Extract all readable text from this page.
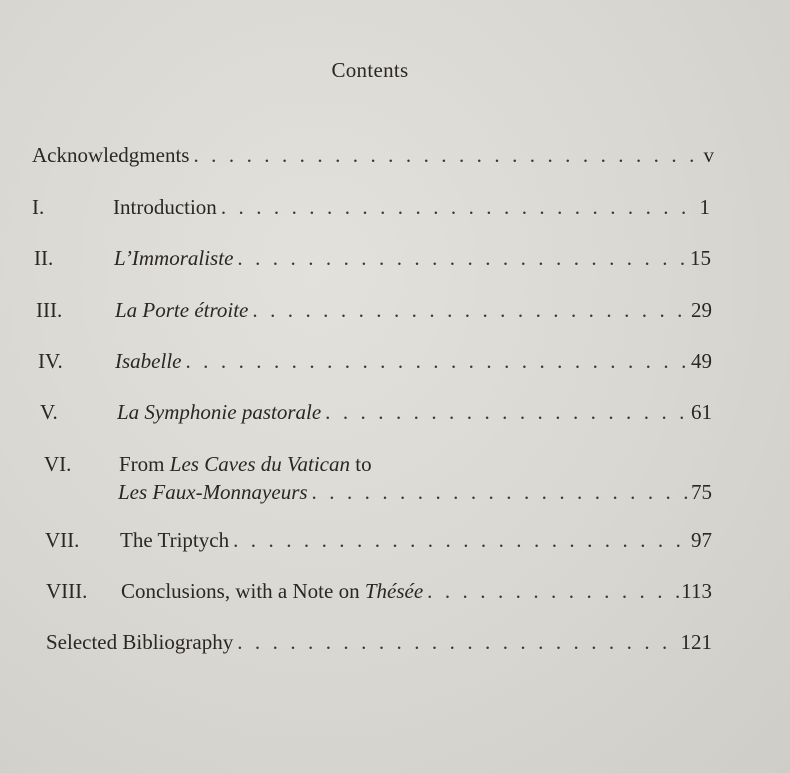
Contents
Acknowledgments . . .	v
I.	Introduction . . .	1
II.	L’Immoraliste . . .	15
III.	La Porte étroite . . .	29
IV. Isabelle . . .	49
V.	La Symphonie pastorale . . .	61
VI. From Les Caves du Vatican to
Les Faux-Monnayeurs . . .	75
VII. The Triptych . . .	97
VIII. Conclusions, with a Note on Thésée . . .	113
Selected Bibliography . . .	121
